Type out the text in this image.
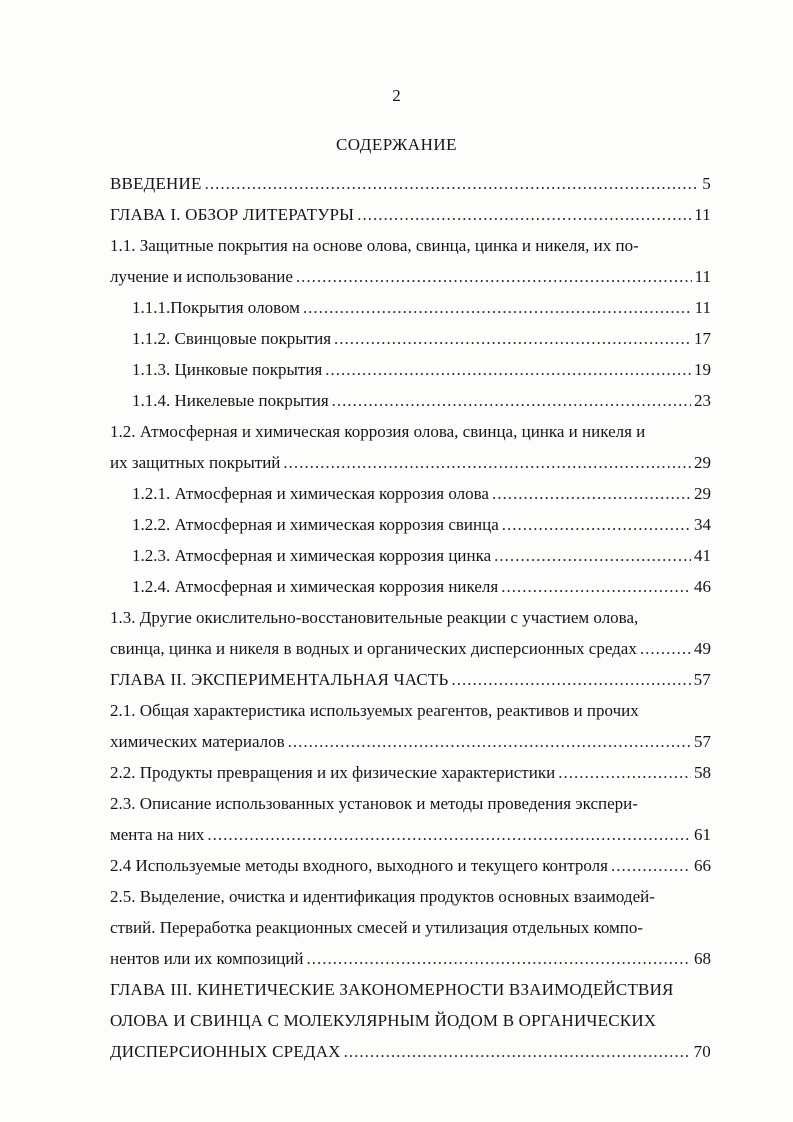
2
СОДЕРЖАНИЕ
ВВЕДЕНИЕ .....	5
ГЛАВА I. ОБЗОР ЛИТЕРАТУРЫ .....	11
1.1. Защитные покрытия на основе олова, свинца, цинка и никеля, их по-
лучение и использование .....	11
1.1.1.Покрытия оловом .....	11
1.1.2. Свинцовые покрытия .....	17
1.1.3. Цинковые покрытия .....	19
1.1.4. Никелевые покрытия .....	23
1.2. Атмосферная и химическая коррозия олова, свинца, цинка и никеля и
их защитных покрытий .....	29
1.2.1. Атмосферная и химическая коррозия олова .....	29
1.2.2. Атмосферная и химическая коррозия свинца .....	34
1.2.3. Атмосферная и химическая коррозия цинка .....	41
1.2.4. Атмосферная и химическая коррозия никеля .....	46
1.3. Другие окислительно-восстановительные реакции с участием олова,
свинца, цинка и никеля в водных и органических дисперсионных средах .....	49
ГЛАВА II. ЭКСПЕРИМЕНТАЛЬНАЯ ЧАСТЬ .....	57
2.1. Общая характеристика используемых реагентов, реактивов и прочих
химических материалов .....	57
2.2. Продукты превращения и их физические характеристики .....	58
2.3. Описание использованных установок и методы проведения экспери-
мента на них .....	61
2.4 Используемые методы входного, выходного и текущего контроля .....	66
2.5. Выделение, очистка и идентификация продуктов основных взаимодей-
ствий. Переработка реакционных смесей и утилизация отдельных компо-
нентов или их композиций .....	68
ГЛАВА III. КИНЕТИЧЕСКИЕ ЗАКОНОМЕРНОСТИ ВЗАИМОДЕЙСТВИЯ
ОЛОВА И СВИНЦА С МОЛЕКУЛЯРНЫМ ЙОДОМ В ОРГАНИЧЕСКИХ
ДИСПЕРСИОННЫХ СРЕДАХ .....	70
